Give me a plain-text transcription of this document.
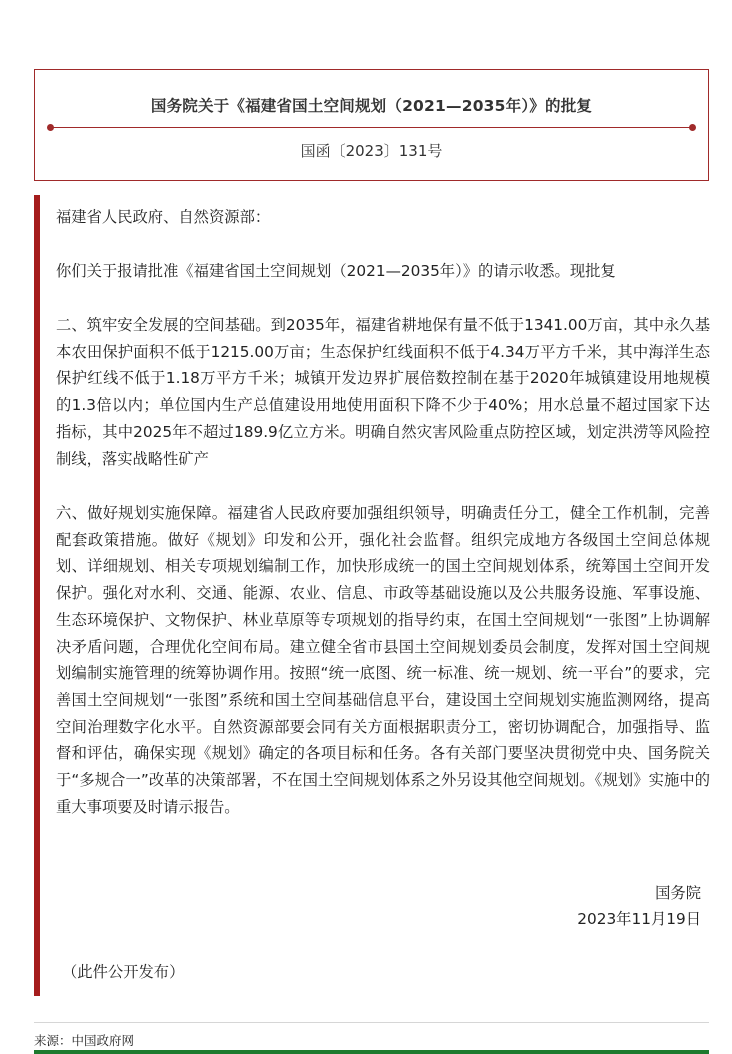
国务院关于《福建省国土空间规划（2021—2035年）》的批复
国函〔2023〕131号

福建省人民政府、自然资源部：

你们关于报请批准《福建省国土空间规划（2021—2035年）》的请示收悉。现批复

二、筑牢安全发展的空间基础。到2035年，福建省耕地保有量不低于1341.00万亩，其中永久基本农田保护面积不低于1215.00万亩；生态保护红线面积不低于4.34万平方千米，其中海洋生态保护红线不低于1.18万平方千米；城镇开发边界扩展倍数控制在基于2020年城镇建设用地规模的1.3倍以内；单位国内生产总值建设用地使用面积下降不少于40%；用水总量不超过国家下达指标，其中2025年不超过189.9亿立方米。明确自然灾害风险重点防控区域，划定洪涝等风险控制线，落实战略性矿产

六、做好规划实施保障。福建省人民政府要加强组织领导，明确责任分工，健全工作机制，完善配套政策措施。做好《规划》印发和公开，强化社会监督。组织完成地方各级国土空间总体规划、详细规划、相关专项规划编制工作，加快形成统一的国土空间规划体系，统筹国土空间开发保护。强化对水利、交通、能源、农业、信息、市政等基础设施以及公共服务设施、军事设施、生态环境保护、文物保护、林业草原等专项规划的指导约束，在国土空间规划“一张图”上协调解决矛盾问题，合理优化空间布局。建立健全省市县国土空间规划委员会制度，发挥对国土空间规划编制实施管理的统筹协调作用。按照“统一底图、统一标准、统一规划、统一平台”的要求，完善国土空间规划“一张图”系统和国土空间基础信息平台，建设国土空间规划实施监测网络，提高空间治理数字化水平。自然资源部要会同有关方面根据职责分工，密切协调配合，加强指导、监督和评估，确保实现《规划》确定的各项目标和任务。各有关部门要坚决贯彻党中央、国务院关于“多规合一”改革的决策部署，不在国土空间规划体系之外另设其他空间规划。《规划》实施中的重大事项要及时请示报告。

国务院
2023年11月19日
（此件公开发布）
来源：中国政府网
